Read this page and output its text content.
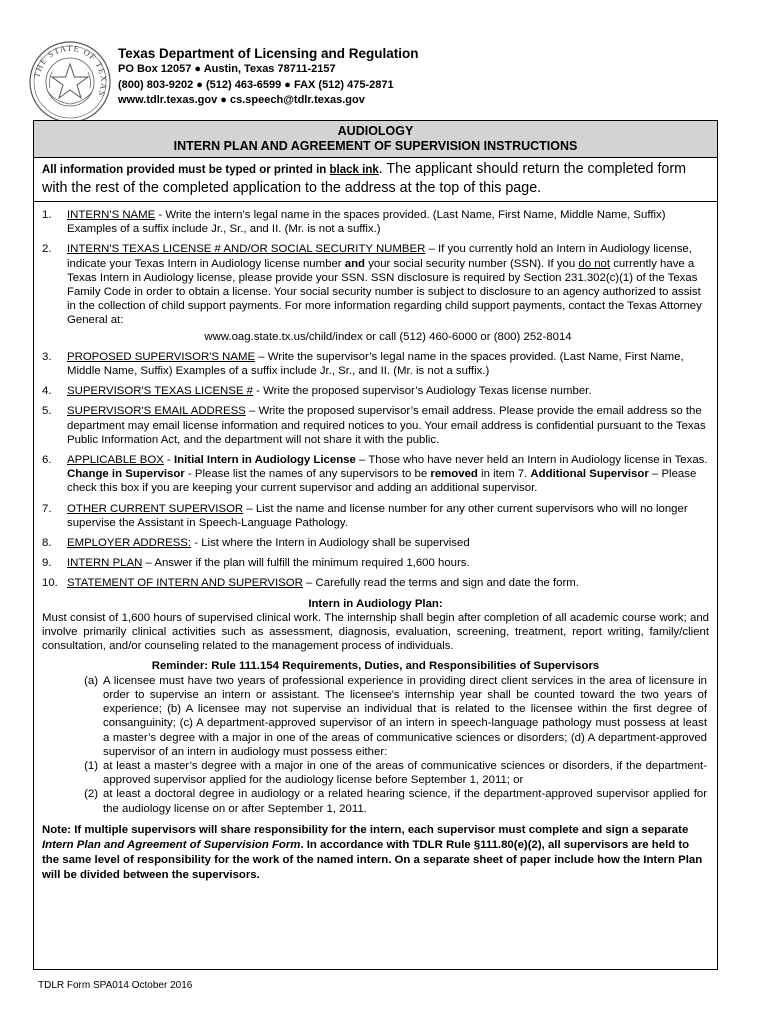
THE STATE OF TEXAS
Texas Department of Licensing and Regulation
PO Box 12057 ● Austin, Texas 78711-2157
(800) 803-9202 ● (512) 463-6599 ● FAX (512) 475-2871
www.tdlr.texas.gov ● cs.speech@tdlr.texas.gov
AUDIOLOGY
INTERN PLAN AND AGREEMENT OF SUPERVISION INSTRUCTIONS
All information provided must be typed or printed in black ink. The applicant should return the completed form with the rest of the completed application to the address at the top of this page.
1.	INTERN'S NAME - Write the intern’s legal name in the spaces provided. (Last Name, First Name, Middle Name, Suffix) Examples of a suffix include Jr., Sr., and II. (Mr. is not a suffix.)
2.	INTERN'S TEXAS LICENSE # AND/OR SOCIAL SECURITY NUMBER – If you currently hold an Intern in Audiology license, indicate your Texas Intern in Audiology license number and your social security number (SSN). If you do not currently have a Texas Intern in Audiology license, please provide your SSN. SSN disclosure is required by Section 231.302(c)(1) of the Texas Family Code in order to obtain a license. Your social security number is subject to disclosure to an agency authorized to assist in the collection of child support payments. For more information regarding child support payments, contact the Texas Attorney General at:
www.oag.state.tx.us/child/index or call (512) 460-6000 or (800) 252-8014
3.	PROPOSED SUPERVISOR'S NAME – Write the supervisor’s legal name in the spaces provided. (Last Name, First Name, Middle Name, Suffix) Examples of a suffix include Jr., Sr., and II. (Mr. is not a suffix.)
4.	SUPERVISOR'S TEXAS LICENSE # - Write the proposed supervisor’s Audiology Texas license number.
5.	SUPERVISOR'S EMAIL ADDRESS – Write the proposed supervisor’s email address. Please provide the email address so the department may email license information and required notices to you. Your email address is confidential pursuant to the Texas Public Information Act, and the department will not share it with the public.
6.	APPLICABLE BOX - Initial Intern in Audiology License – Those who have never held an Intern in Audiology license in Texas. Change in Supervisor - Please list the names of any supervisors to be removed in item 7. Additional Supervisor – Please check this box if you are keeping your current supervisor and adding an additional supervisor.
7.	OTHER CURRENT SUPERVISOR – List the name and license number for any other current supervisors who will no longer supervise the Assistant in Speech-Language Pathology.
8.	EMPLOYER ADDRESS: - List where the Intern in Audiology shall be supervised
9.	INTERN PLAN – Answer if the plan will fulfill the minimum required 1,600 hours.
10. STATEMENT OF INTERN AND SUPERVISOR – Carefully read the terms and sign and date the form.
Intern in Audiology Plan:
Must consist of 1,600 hours of supervised clinical work. The internship shall begin after completion of all academic course work; and involve primarily clinical activities such as assessment, diagnosis, evaluation, screening, treatment, report writing, family/client consultation, and/or counseling related to the management process of individuals.
Reminder: Rule 111.154 Requirements, Duties, and Responsibilities of Supervisors
(a) A licensee must have two years of professional experience in providing direct client services in the area of licensure in order to supervise an intern or assistant. The licensee's internship year shall be counted toward the two years of experience; (b) A licensee may not supervise an individual that is related to the licensee within the first degree of consanguinity; (c) A department-approved supervisor of an intern in speech-language pathology must possess at least a master’s degree with a major in one of the areas of communicative sciences or disorders; (d) A department-approved supervisor of an intern in audiology must possess either:
(1) at least a master’s degree with a major in one of the areas of communicative sciences or disorders, if the department-approved supervisor applied for the audiology license before September 1, 2011; or
(2) at least a doctoral degree in audiology or a related hearing science, if the department-approved supervisor applied for the audiology license on or after September 1, 2011.
Note: If multiple supervisors will share responsibility for the intern, each supervisor must complete and sign a separate Intern Plan and Agreement of Supervision Form. In accordance with TDLR Rule §111.80(e)(2), all supervisors are held to the same level of responsibility for the work of the named intern. On a separate sheet of paper include how the Intern Plan will be divided between the supervisors.
TDLR Form SPA014 October 2016
